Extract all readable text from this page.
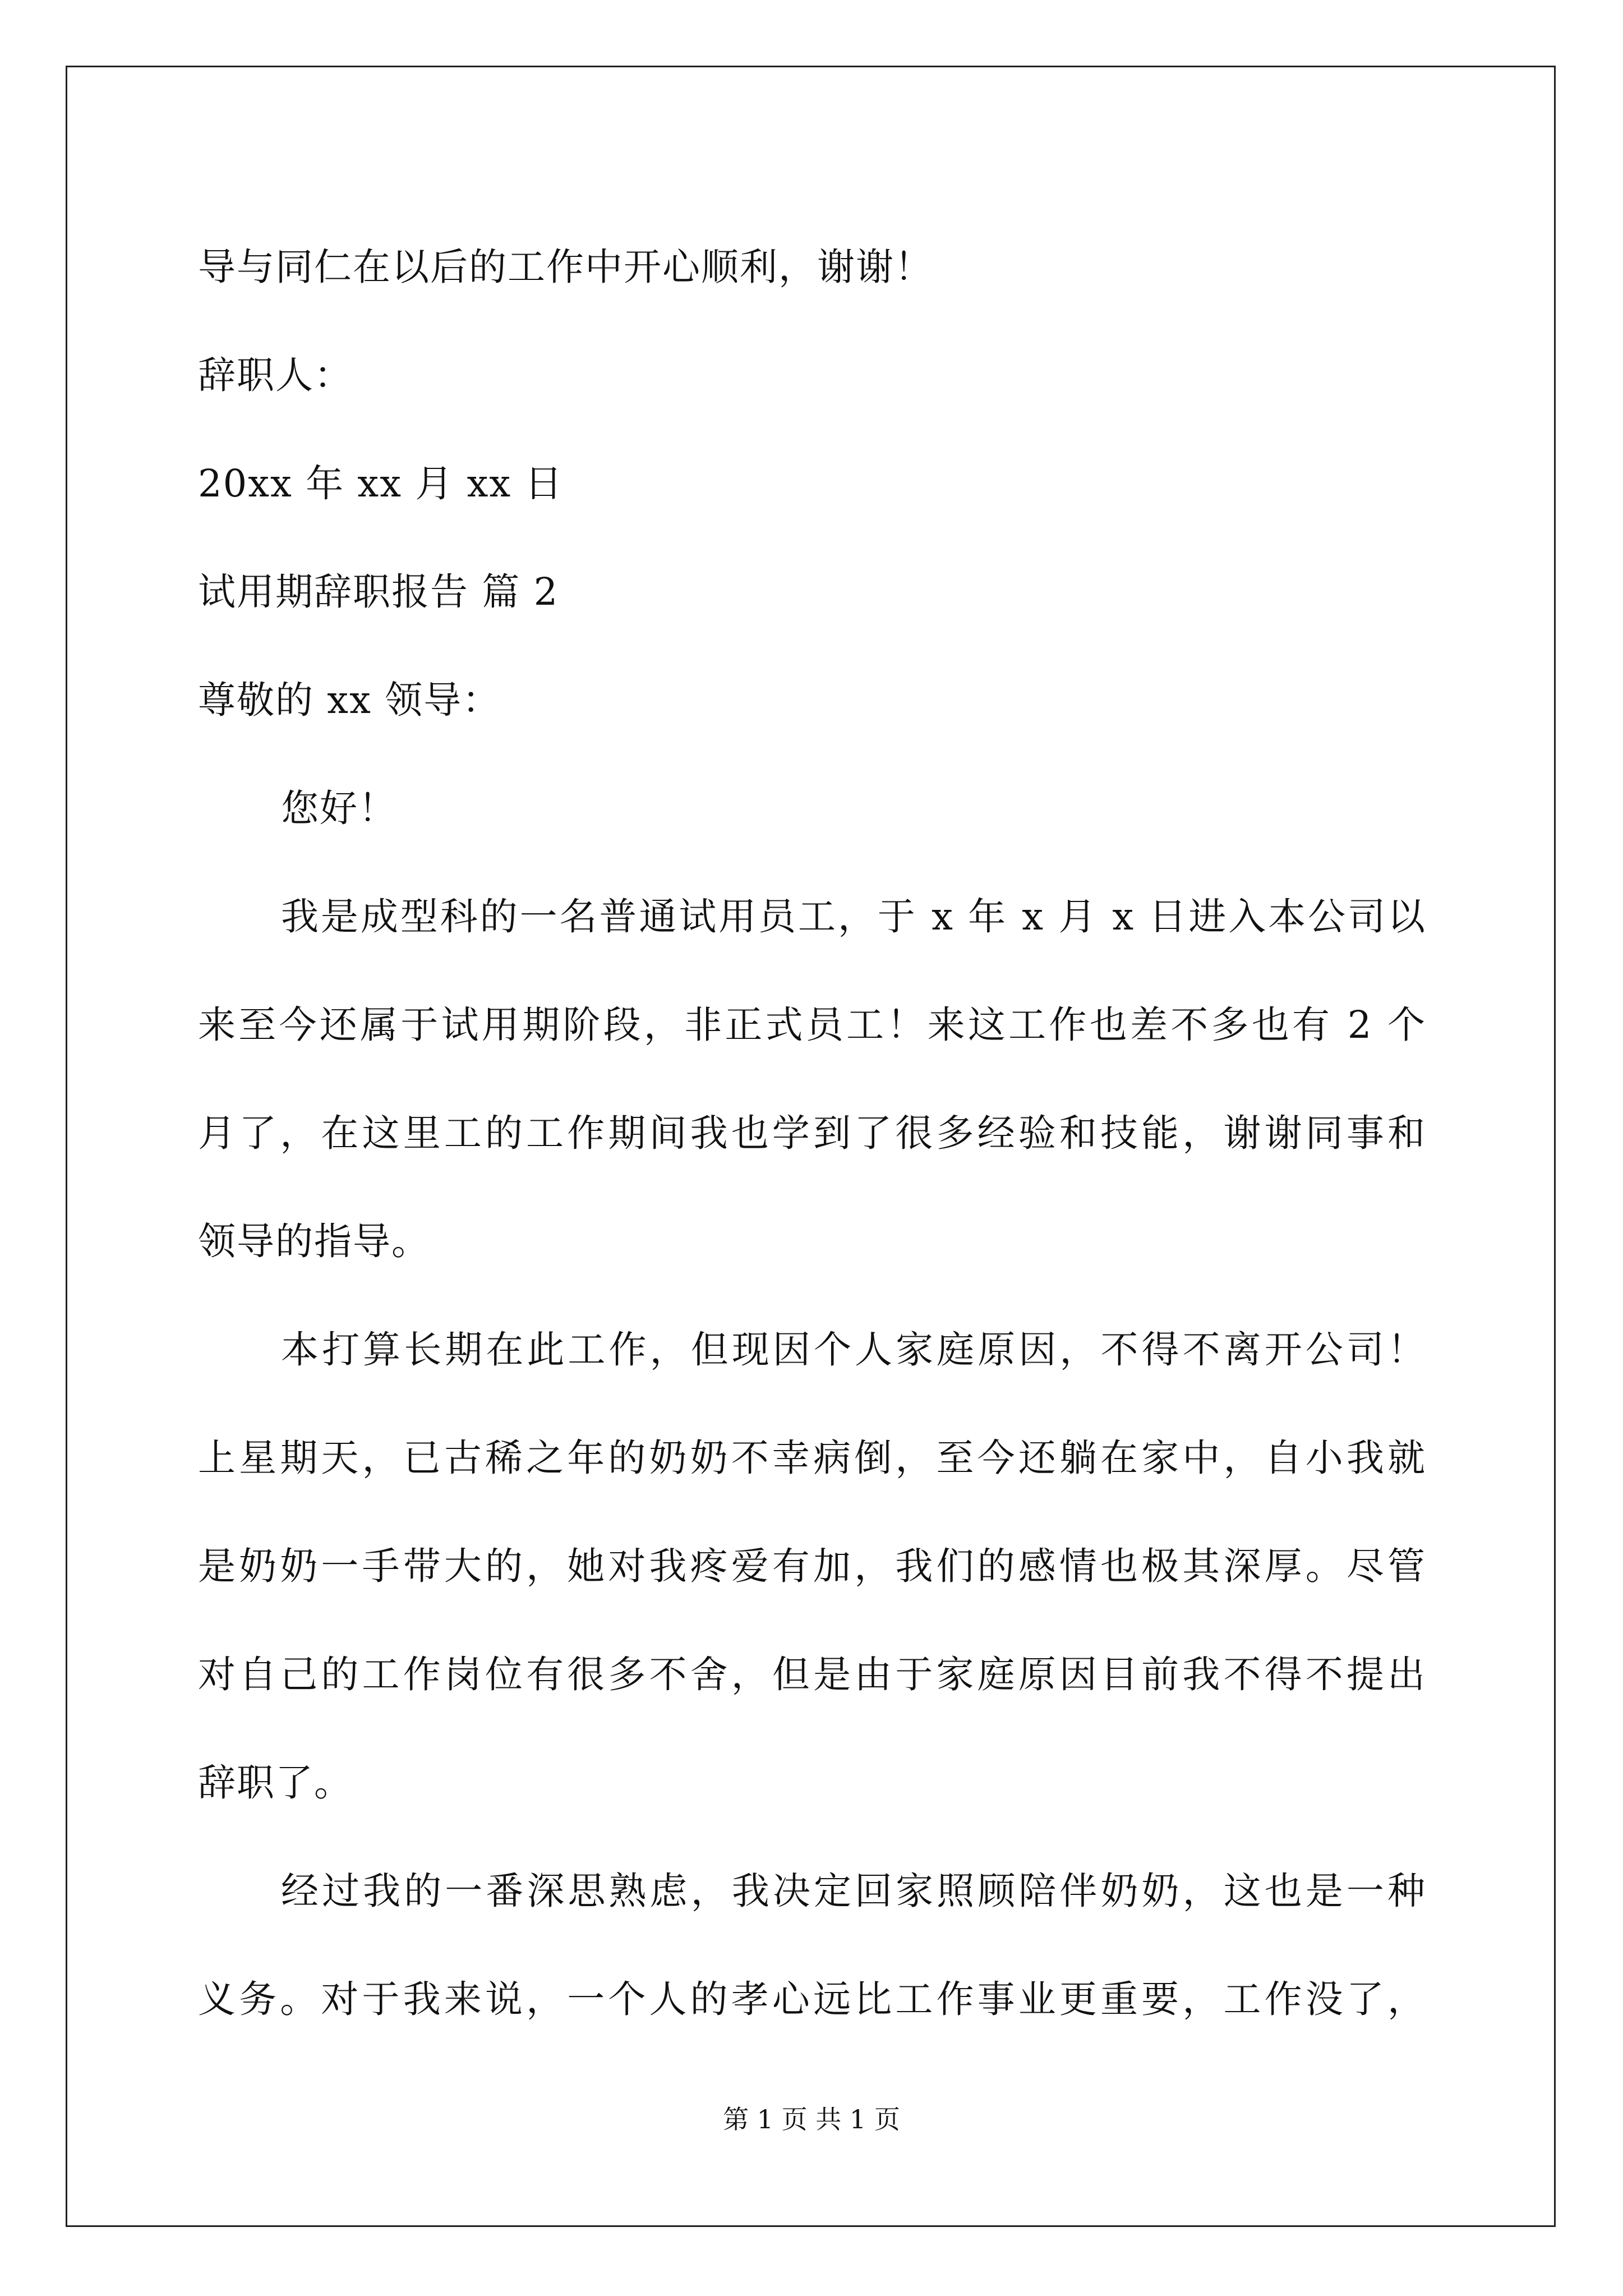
导与同仁在以后的工作中开心顺利，谢谢！
辞职人：
20xx 年 xx 月 xx 日
试用期辞职报告 篇 2
尊敬的 xx 领导：
您好！
我是成型科的一名普通试用员工，于 x 年 x 月 x 日进入本公司以
来至今还属于试用期阶段，非正式员工！来这工作也差不多也有 2 个
月了，在这里工的工作期间我也学到了很多经验和技能，谢谢同事和
领导的指导。
本打算长期在此工作，但现因个人家庭原因，不得不离开公司！
上星期天，已古稀之年的奶奶不幸病倒，至今还躺在家中，自小我就
是奶奶一手带大的，她对我疼爱有加，我们的感情也极其深厚。尽管
对自己的工作岗位有很多不舍，但是由于家庭原因目前我不得不提出
辞职了。
经过我的一番深思熟虑，我决定回家照顾陪伴奶奶，这也是一种
义务。对于我来说，一个人的孝心远比工作事业更重要，工作没了，
第 1 页 共 1 页
